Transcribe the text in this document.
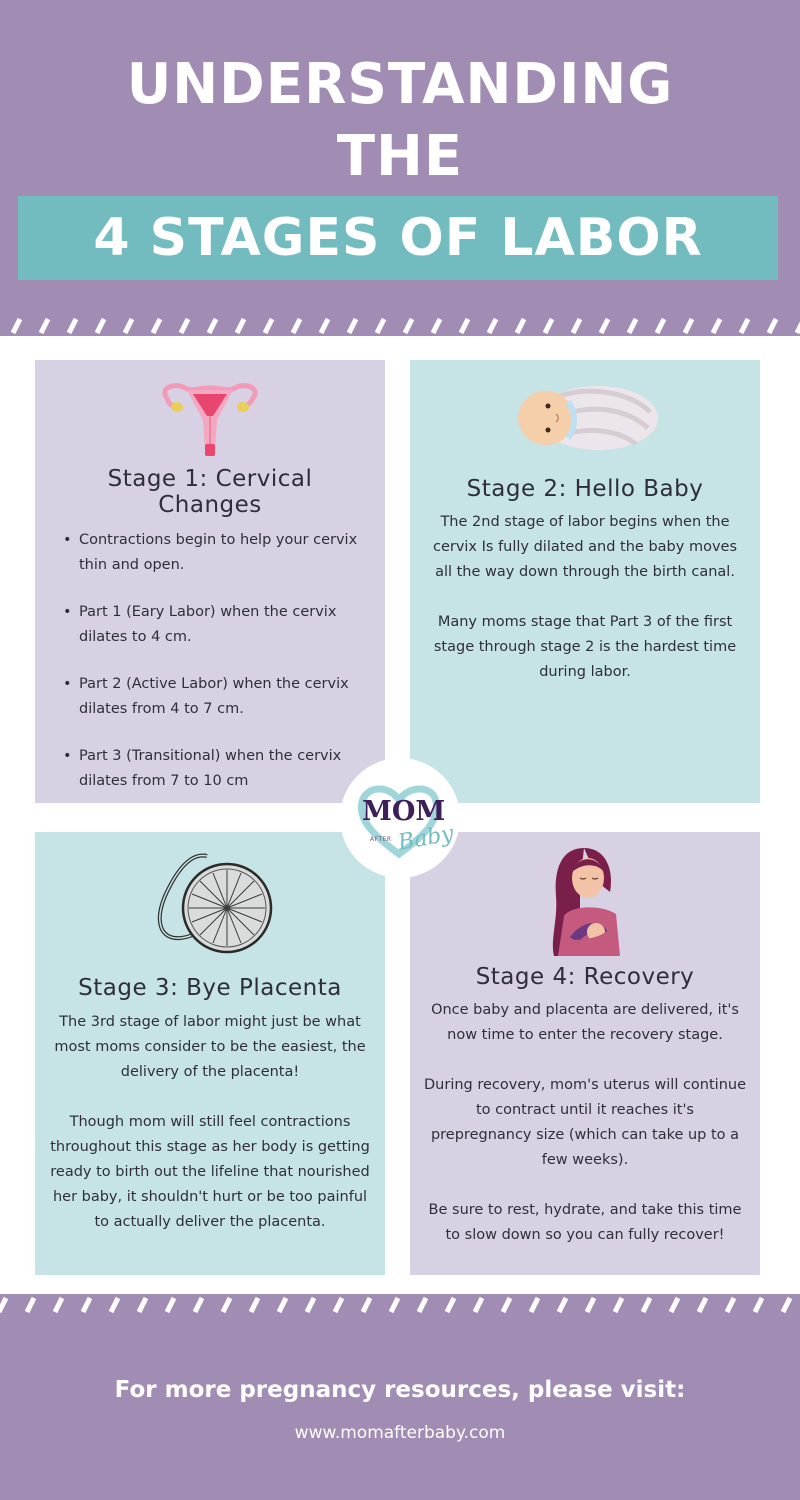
UNDERSTANDING
THE
4 STAGES OF LABOR
Stage 1: Cervical
Changes
• Contractions begin to help your cervix thin and open.
• Part 1 (Eary Labor) when the cervix dilates to 4 cm.
• Part 2 (Active Labor) when the cervix dilates from 4 to 7 cm.
• Part 3 (Transitional) when the cervix dilates from 7 to 10 cm
Stage 2: Hello Baby

The 2nd stage of labor begins when the cervix Is fully dilated and the baby moves all the way down through the birth canal.

Many moms stage that Part 3 of the first stage through stage 2 is the hardest time during labor.

Stage 3: Bye Placenta

The 3rd stage of labor might just be what most moms consider to be the easiest, the delivery of the placenta!

Though mom will still feel contractions throughout this stage as her body is getting ready to birth out the lifeline that nourished her baby, it shouldn't hurt or be too painful to actually deliver the placenta.

Stage 4: Recovery

Once baby and placenta are delivered, it's now time to enter the recovery stage.

During recovery, mom's uterus will continue to contract until it reaches it's prepregnancy size (which can take up to a few weeks).

Be sure to rest, hydrate, and take this time to slow down so you can fully recover!

MOM
AFTER Baby
For more pregnancy resources, please visit:
www.momafterbaby.com
